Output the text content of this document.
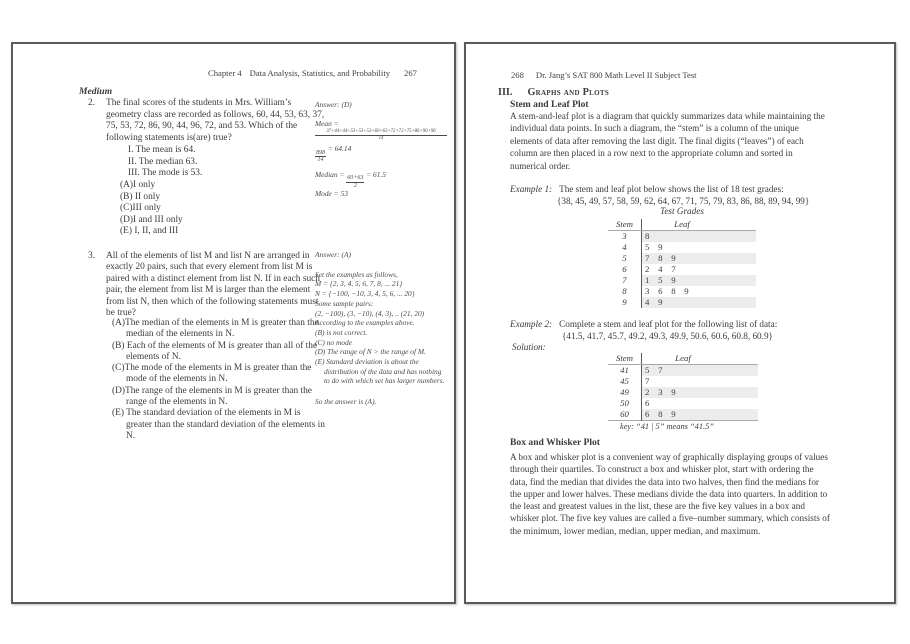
Chapter 4 Data Analysis, Statistics, and Probability 267
Medium
2. The final scores of the students in Mrs. William’s geometry class are recorded as follows, 60, 44, 53, 63, 37, 75, 53, 72, 86, 90, 44, 96, 72, and 53. Which of the following statements is(are) true?
I. The mean is 64.
II. The median 63.
III. The mode is 53.
(A)I only
(B) II only
(C)III only
(D)I and III only
(E) I, II, and III
Answer: (D)
Mean =
37+44+44+53+53+53+60+63+72+72+75+86+90+96
14
$\frac{898}{14}$
= 64.14
Median =
$\frac{60+63}{2}$
= 61.5
Mode = 53
3. All of the elements of list M and list N are arranged in exactly 20 pairs, such that every element from list M is paired with a distinct element from list N. If in each such pair, the element from list M is larger than the element from list N, then which of the following statements must be true?
(A)The median of the elements in M is greater than the median of the elements in N.
(B) Each of the elements of M is greater than all of the elements of N.
(C)The mode of the elements in M is greater than the mode of the elements in N.
(D)The range of the elements in M is greater than the range of the elements in N.
(E) The standard deviation of the elements in M is greater than the standard deviation of the elements in N.
Answer: (A)
Set the examples as follows,
M = {2, 3, 4, 5, 6, 7, 8, ... 21}
N = {−100, −10, 3, 4, 5, 6, ... 20}
Some sample pairs:
(2, −100), (3, −10), (4, 3), .. (21, 20)
According to the examples above.
(B) is not correct.
(C) no mode
(D) The range of N > the range of M.
(E) Standard deviation is about the distribution of the data and has nothing to do with which set has larger numbers.
So the answer is (A).
268 Dr. Jang’s SAT 800 Math Level II Subject Test
III. Graphs and Plots
Stem and Leaf Plot
A stem-and-leaf plot is a diagram that quickly summarizes data while maintaining the individual data points. In such a diagram, the “stem” is a column of the unique elements of data after removing the last digit. The final digits (“leaves”) of each column are then placed in a row next to the appropriate column and sorted in numerical order.
Example 1: The stem and leaf plot below shows the list of 18 test grades:
{38, 45, 49, 57, 58, 59, 62, 64, 67, 71, 75, 79, 83, 86, 88, 89, 94, 99}
Test Grades
Stem	Leaf
3	8
4	5 9
5	7 8 9
6	2 4 7
7	1 5 9
8	3 6 8 9
9	4 9
Example 2: Complete a stem and leaf plot for the following list of data:
{41.5, 41.7, 45.7, 49.2, 49.3, 49.9, 50.6, 60.6, 60.8, 60.9}
Solution:
Stem	Leaf
41	5 7
45	7
49	2 3 9
50	6
60	6 8 9
key: “41 | 5” means “41.5”
Box and Whisker Plot
A box and whisker plot is a convenient way of graphically displaying groups of values through their quartiles. To construct a box and whisker plot, start with ordering the data, find the median that divides the data into two halves, then find the medians for the upper and lower halves. These medians divide the data into quarters. In addition to the least and greatest values in the list, these are the five key values in a box and whisker plot. The five key values are called a five–number summary, which consists of the minimum, lower median, median, upper median, and maximum.
